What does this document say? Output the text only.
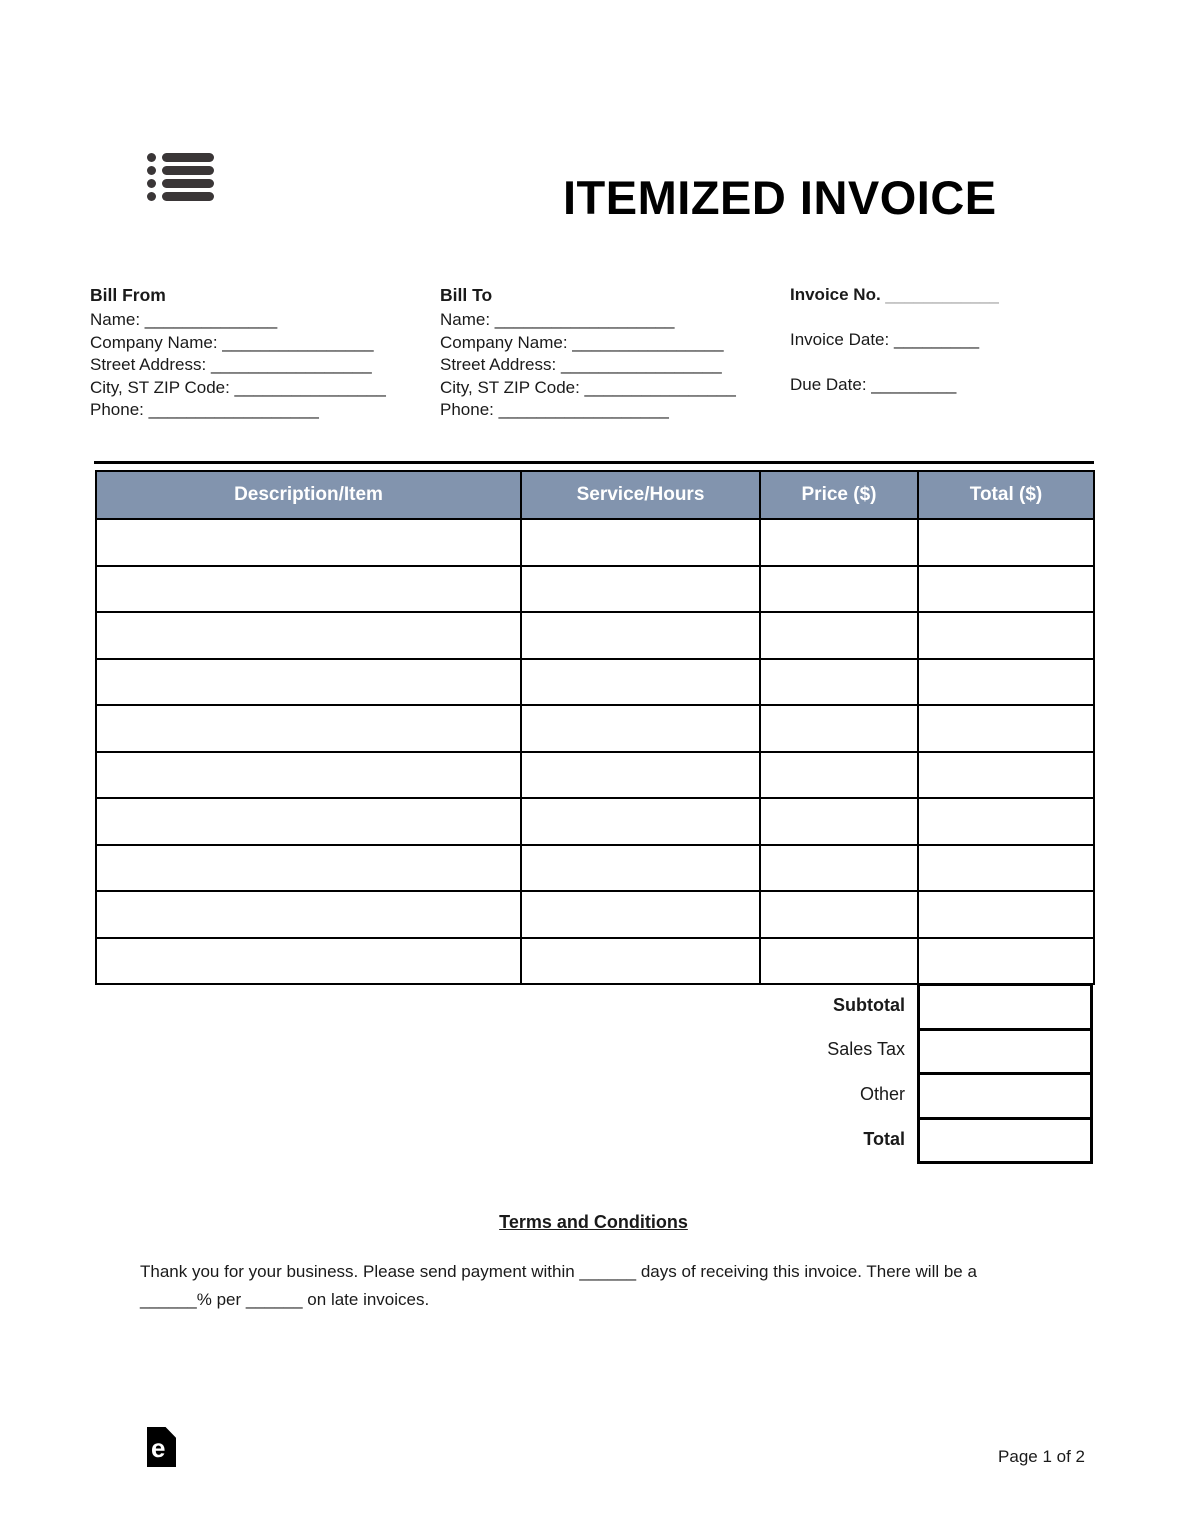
ITEMIZED INVOICE
Bill From
Name: ______________
Company Name: ________________
Street Address: _________________
City, ST ZIP Code: ________________
Phone: __________________
Bill To
Name: ___________________
Company Name: ________________
Street Address: _________________
City, ST ZIP Code: ________________
Phone: __________________
Invoice No. ____________
Invoice Date: _________
Due Date: _________
Description/Item	Service/Hours	Price ($)	Total ($)

Subtotal
Sales Tax
Other
Total
Terms and Conditions

Thank you for your business. Please send payment within ______ days of receiving this invoice. There will be a ______% per ______ on late invoices.

e	Page 1 of 2
